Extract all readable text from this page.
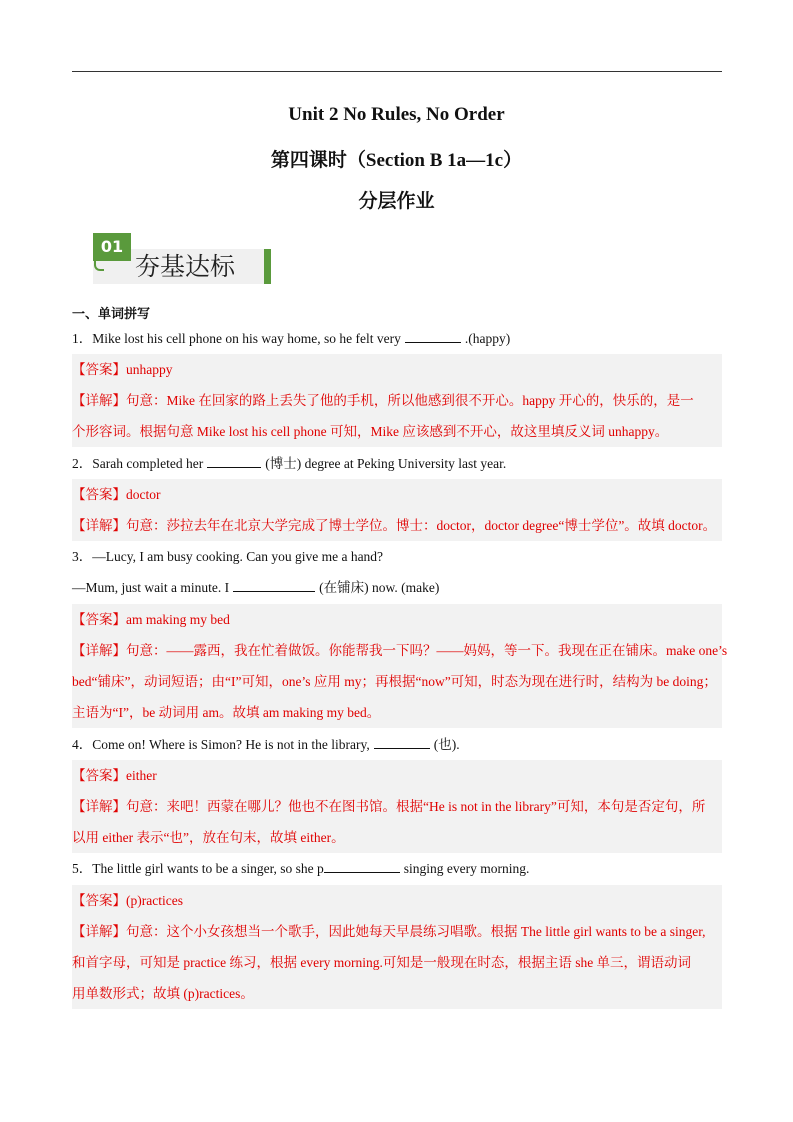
Unit 2 No Rules, No Order
第四课时（Section B 1a—1c）
分层作业
01
夯基达标
一、单词拼写
1．Mike lost his cell phone on his way home, so he felt very	.(happy)
【答案】unhappy
【详解】句意：Mike 在回家的路上丢失了他的手机，所以他感到很不开心。happy 开心的，快乐的，是一
个形容词。根据句意 Mike lost his cell phone 可知，Mike 应该感到不开心，故这里填反义词 unhappy。
2．Sarah completed her	(博士) degree at Peking University last year.
【答案】doctor
【详解】句意：莎拉去年在北京大学完成了博士学位。博士：doctor，doctor degree“博士学位”。故填 doctor。
3．—Lucy, I am busy cooking. Can you give me a hand?
—Mum, just wait a minute. I	(在铺床) now. (make)
【答案】am making my bed
【详解】句意：——露西，我在忙着做饭。你能帮我一下吗？——妈妈，等一下。我现在正在铺床。make one’s
bed“铺床”，动词短语；由“I”可知，one’s 应用 my；再根据“now”可知，时态为现在进行时，结构为 be doing；
主语为“I”，be 动词用 am。故填 am making my bed。
4．Come on! Where is Simon? He is not in the library,	(也).
【答案】either
【详解】句意：来吧！西蒙在哪儿？他也不在图书馆。根据“He is not in the library”可知，本句是否定句，所
以用 either 表示“也”，放在句末，故填 either。
5．The little girl wants to be a singer, so she p	singing every morning.
【答案】(p)ractices
【详解】句意：这个小女孩想当一个歌手，因此她每天早晨练习唱歌。根据 The little girl wants to be a singer,
和首字母，可知是 practice 练习，根据 every morning.可知是一般现在时态，根据主语 she 单三，谓语动词
用单数形式；故填 (p)ractices。
